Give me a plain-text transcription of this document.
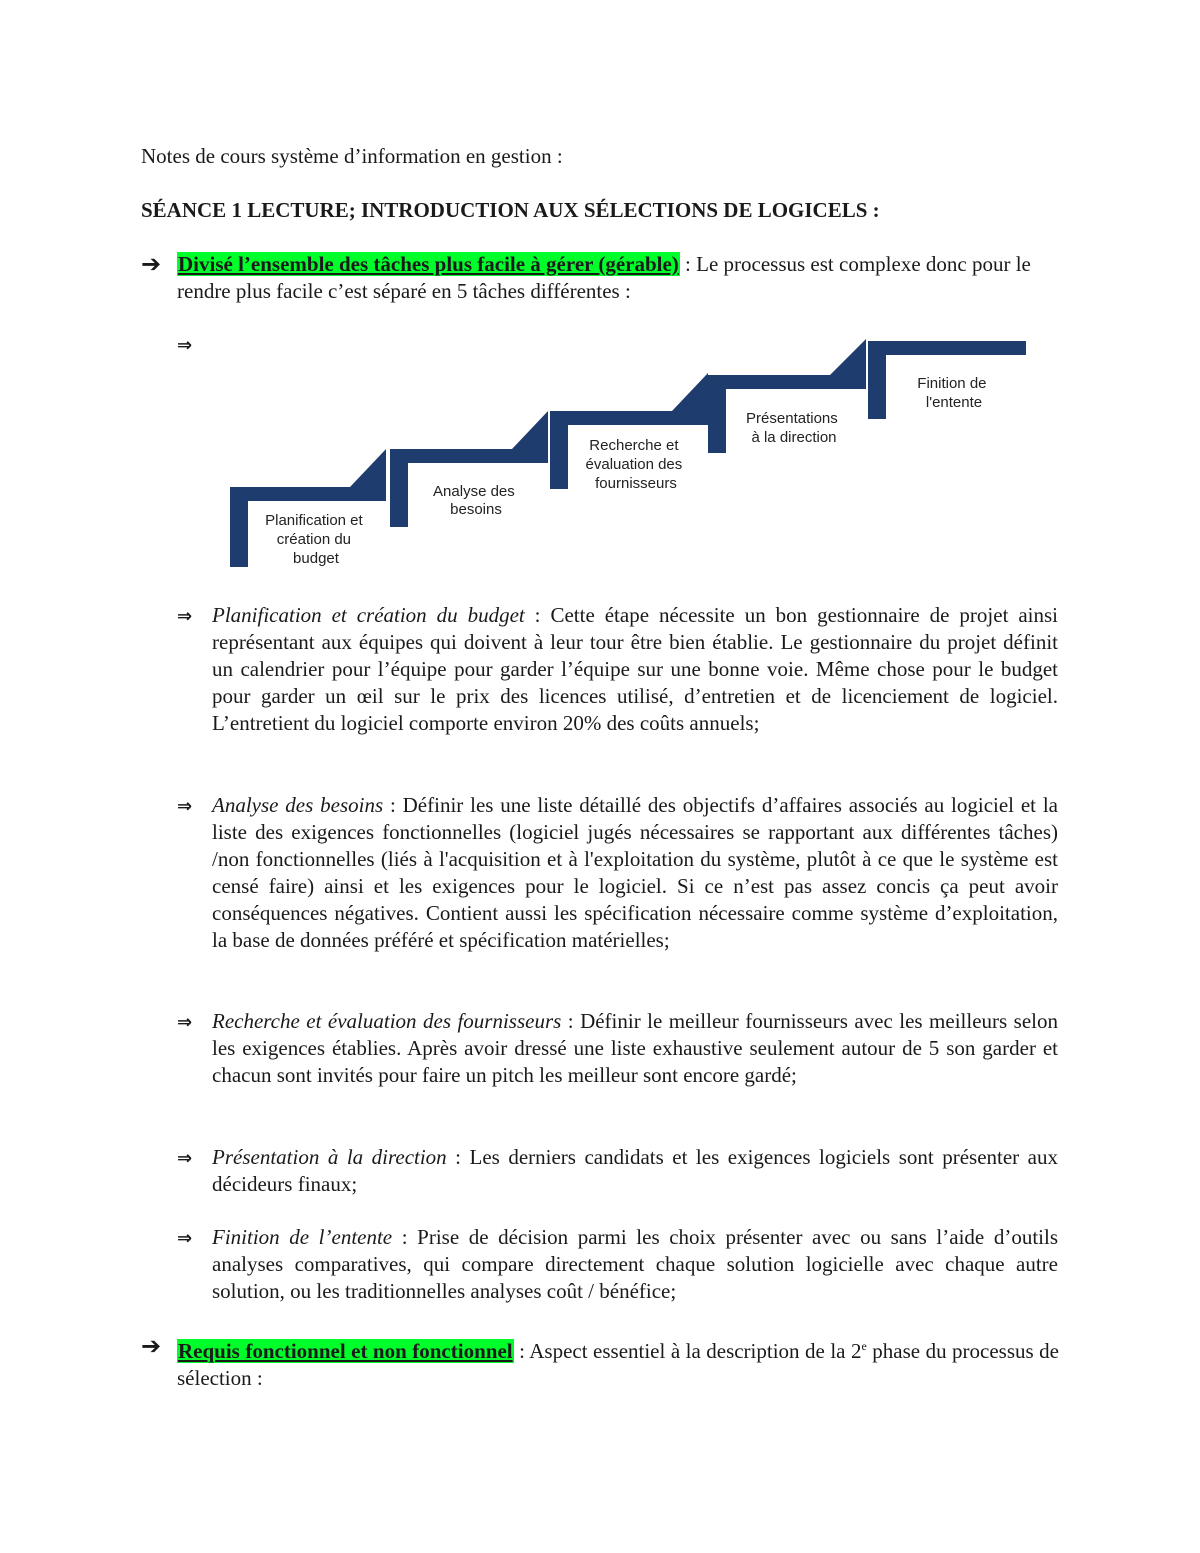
Notes de cours système d’information en gestion :
SÉANCE 1 LECTURE; INTRODUCTION AUX SÉLECTIONS DE LOGICELS :
➔ Divisé l’ensemble des tâches plus facile à gérer (gérable) : Le processus est complexe donc pour le rendre plus facile c’est séparé en 5 tâches différentes :
⇒
Planification et création du budget
Analyse des besoins
Recherche et évaluation des fournisseurs
Présentations à la direction
Finition de l'entente
⇒ Planification et création du budget : Cette étape nécessite un bon gestionnaire de projet ainsi représentant aux équipes qui doivent à leur tour être bien établie. Le gestionnaire du projet définit un calendrier pour l’équipe pour garder l’équipe sur une bonne voie. Même chose pour le budget pour garder un œil sur le prix des licences utilisé, d’entretien et de licenciement de logiciel. L’entretient du logiciel comporte environ 20% des coûts annuels;
⇒ Analyse des besoins : Définir les une liste détaillé des objectifs d’affaires associés au logiciel et la liste des exigences fonctionnelles (logiciel jugés nécessaires se rapportant aux différentes tâches) /non fonctionnelles (liés à l'acquisition et à l'exploitation du système, plutôt à ce que le système est censé faire) ainsi et les exigences pour le logiciel. Si ce n’est pas assez concis ça peut avoir conséquences négatives. Contient aussi les spécification nécessaire comme système d’exploitation, la base de données préféré et spécification matérielles;
⇒ Recherche et évaluation des fournisseurs : Définir le meilleur fournisseurs avec les meilleurs selon les exigences établies. Après avoir dressé une liste exhaustive seulement autour de 5 son garder et chacun sont invités pour faire un pitch les meilleur sont encore gardé;
⇒ Présentation à la direction : Les derniers candidats et les exigences logiciels sont présenter aux décideurs finaux;
⇒ Finition de l’entente : Prise de décision parmi les choix présenter avec ou sans l’aide d’outils analyses comparatives, qui compare directement chaque solution logicielle avec chaque autre solution, ou les traditionnelles analyses coût / bénéfice;
➔ Requis fonctionnel et non fonctionnel : Aspect essentiel à la description de la 2e phase du processus de sélection :
